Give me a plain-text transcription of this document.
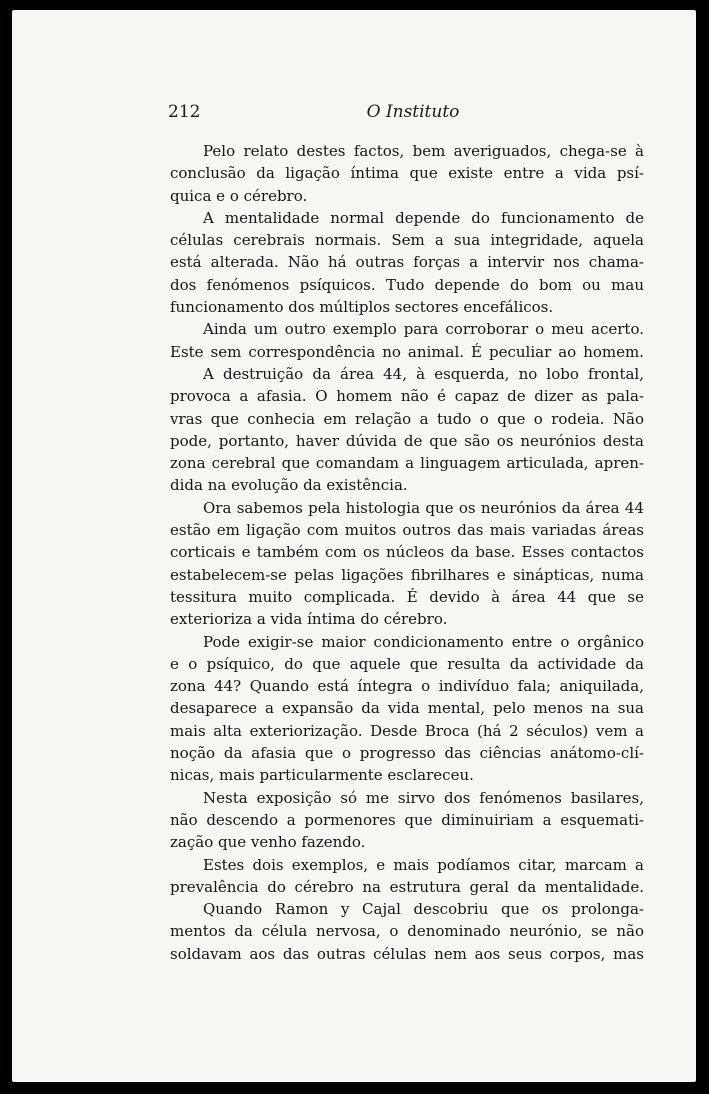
212	O Instituto
Pelo relato destes factos, bem averiguados, chega-se à
conclusão da ligação íntima que existe entre a vida psí-
quica e o cérebro.
A mentalidade normal depende do funcionamento de
células cerebrais normais. Sem a sua integridade, aquela
está alterada. Não há outras forças a intervir nos chama-
dos fenómenos psíquicos. Tudo depende do bom ou mau
funcionamento dos múltiplos sectores encefálicos.
Ainda um outro exemplo para corroborar o meu acerto.
Este sem correspondência no animal. É peculiar ao homem.
A destruição da área 44, à esquerda, no lobo frontal,
provoca a afasia. O homem não é capaz de dizer as pala-
vras que conhecia em relação a tudo o que o rodeia. Não
pode, portanto, haver dúvida de que são os neurónios desta
zona cerebral que comandam a linguagem articulada, apren-
dida na evolução da existência.
Ora sabemos pela histologia que os neurónios da área 44
estão em ligação com muitos outros das mais variadas áreas
corticais e também com os núcleos da base. Esses contactos
estabelecem-se pelas ligações fibrilhares e sinápticas, numa
tessitura muito complicada. É devido à área 44 que se
exterioriza a vida íntima do cérebro.
Pode exigir-se maior condicionamento entre o orgânico
e o psíquico, do que aquele que resulta da actividade da
zona 44? Quando está íntegra o indivíduo fala; aniquilada,
desaparece a expansão da vida mental, pelo menos na sua
mais alta exteriorização. Desde Broca (há 2 séculos) vem a
noção da afasia que o progresso das ciências anátomo-clí-
nicas, mais particularmente esclareceu.
Nesta exposição só me sirvo dos fenómenos basilares,
não descendo a pormenores que diminuiriam a esquemati-
zação que venho fazendo.
Estes dois exemplos, e mais podíamos citar, marcam a
prevalência do cérebro na estrutura geral da mentalidade.
Quando Ramon y Cajal descobriu que os prolonga-
mentos da célula nervosa, o denominado neurónio, se não
soldavam aos das outras células nem aos seus corpos, mas
